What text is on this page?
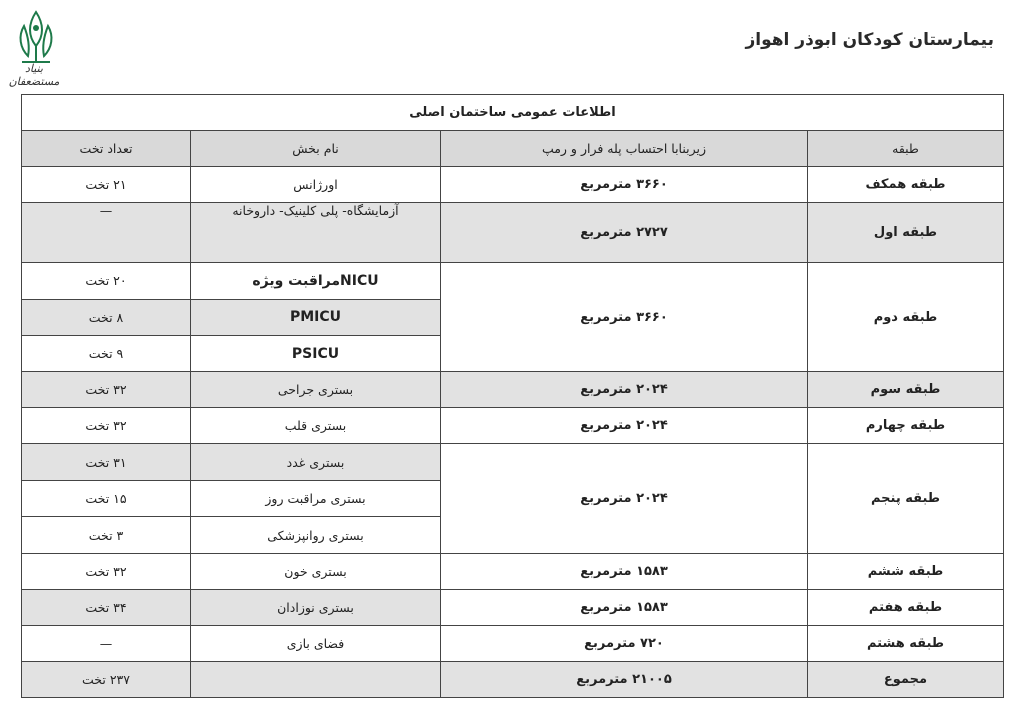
بنیاد مستضعفان
بیمارستان کودکان ابوذر اهواز
اطلاعات عمومی ساختمان اصلی			
طبقه	زیربنابا احتساب پله فرار و رمپ	نام بخش	تعداد تخت
طبقه همکف	۳۶۶۰ مترمربع	اورژانس	۲۱ تخت
طبقه اول	۲۷۲۷ مترمربع	آزمایشگاه- پلی کلینیک- داروخانه	—
طبقه دوم	۳۶۶۰ مترمربع	NICUمراقبت ویژه	۲۰ تخت
		PMICU	۸ تخت
		PSICU	۹ تخت
طبقه سوم	۲۰۲۴ مترمربع	بستری جراحی	۳۲ تخت
طبقه چهارم	۲۰۲۴ مترمربع	بستری قلب	۳۲ تخت
طبقه پنجم	۲۰۲۴ مترمربع	بستری غدد	۳۱ تخت
		بستری مراقبت روز	۱۵ تخت
		بستری روانپزشکی	۳ تخت
طبقه ششم	۱۵۸۳ مترمربع	بستری خون	۳۲ تخت
طبقه هفتم	۱۵۸۳ مترمربع	بستری نوزادان	۳۴ تخت
طبقه هشتم	۷۲۰ مترمربع	فضای بازی	—
مجموع	۲۱۰۰۵ مترمربع		۲۳۷ تخت
